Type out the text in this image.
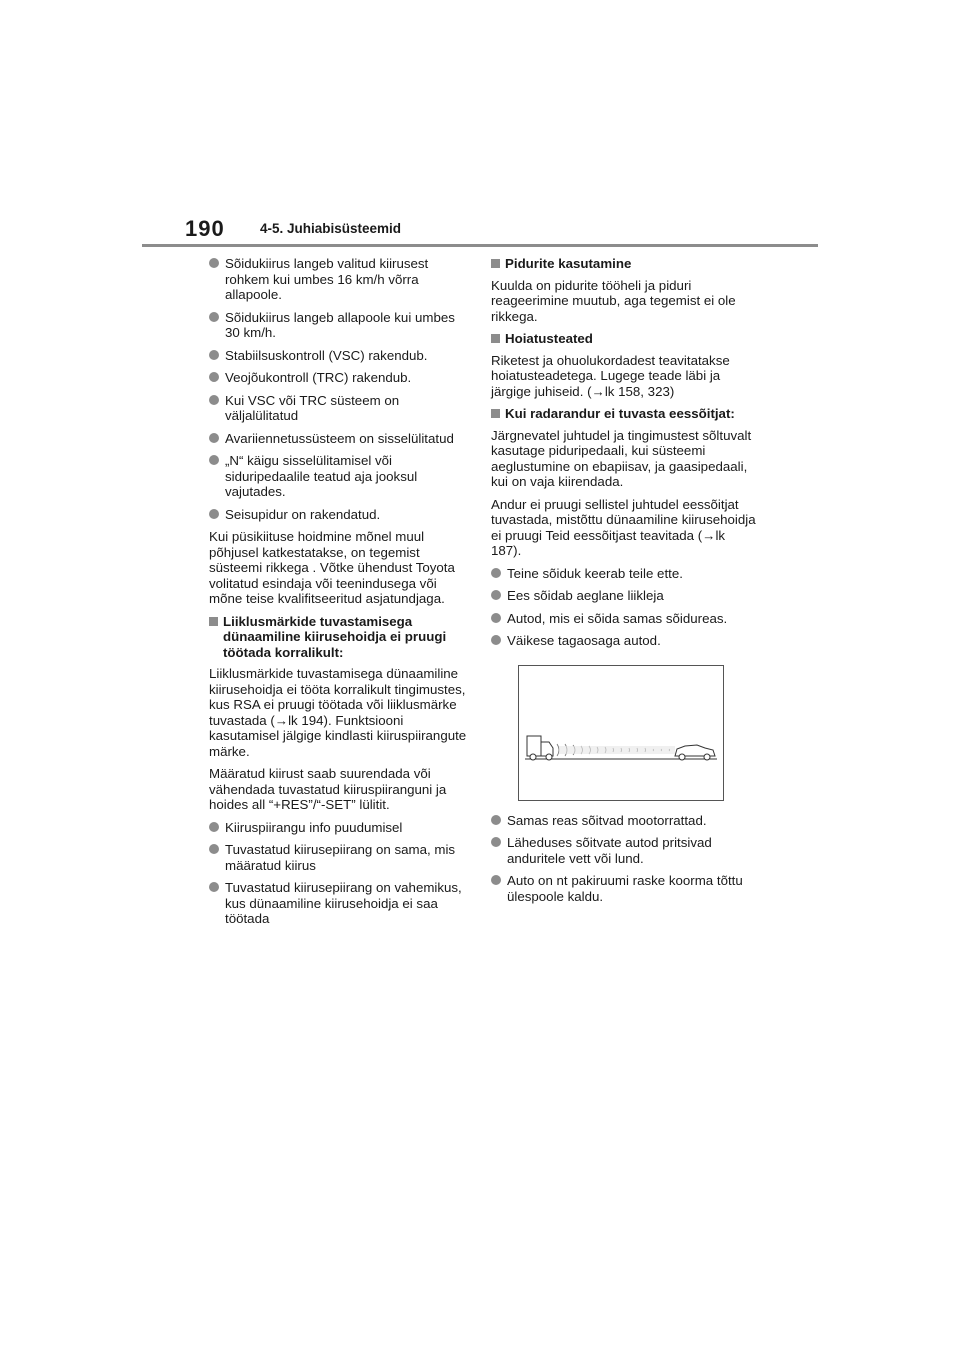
190	4-5. Juhiabisüsteemid
Sõidukiirus langeb valitud kiirusest rohkem kui umbes 16 km/h võrra allapoole.
Sõidukiirus langeb allapoole kui umbes 30 km/h.
Stabiilsuskontroll (VSC) rakendub.
Veojõukontroll (TRC) rakendub.
Kui VSC või TRC süsteem on väljalülitatud
Avariiennetussüsteem on sisselülitatud
„N“ käigu sisselülitamisel või siduripedaalile teatud aja jooksul vajutades.
Seisupidur on rakendatud.
Kui püsikiituse hoidmine mõnel muul põhjusel katkestatakse, on tegemist süsteemi rikkega . Võtke ühendust Toyota volitatud esindaja või teenindusega või mõne teise kvalifitseeritud asjatundjaga.
Liiklusmärkide tuvastamisega dünaamiline kiirusehoidja ei pruugi töötada korralikult:
Liiklusmärkide tuvastamisega dünaamiline kiirusehoidja ei tööta korralikult tingimustes, kus RSA ei pruugi töötada või liiklusmärke tuvastada (→lk 194). Funktsiooni kasutamisel jälgige kindlasti kiiruspiirangute märke.
Määratud kiirust saab suurendada või vähendada tuvastatud kiiruspiiranguni ja hoides all “+RES”/“-SET” lülitit.
Kiiruspiirangu info puudumisel
Tuvastatud kiirusepiirang on sama, mis määratud kiirus
Tuvastatud kiirusepiirang on vahemikus, kus dünaamiline kiirusehoidja ei saa töötada
Pidurite kasutamine
Kuulda on pidurite tööheli ja piduri reageerimine muutub, aga tegemist ei ole rikkega.
Hoiatusteated
Riketest ja ohuolukordadest teavitatakse hoiatusteadetega. Lugege teade läbi ja järgige juhiseid. (→lk 158, 323)
Kui radarandur ei tuvasta eessõitjat:
Järgnevatel juhtudel ja tingimustest sõltuvalt kasutage piduripedaali, kui süsteemi aeglustumine on ebapiisav, ja gaasipedaali, kui on vaja kiirendada.
Andur ei pruugi sellistel juhtudel eessõitjat tuvastada, mistõttu dünaamiline kiirusehoidja ei pruugi Teid eessõitjast teavitada (→lk 187).
Teine sõiduk keerab teile ette.
Ees sõidab aeglane liikleja
Autod, mis ei sõida samas sõidureas.
Väikese tagaosaga autod.
Samas reas sõitvad mootorrattad.
Läheduses sõitvate autod pritsivad anduritele vett või lund.
Auto on nt pakiruumi raske koorma tõttu ülespoole kaldu.
